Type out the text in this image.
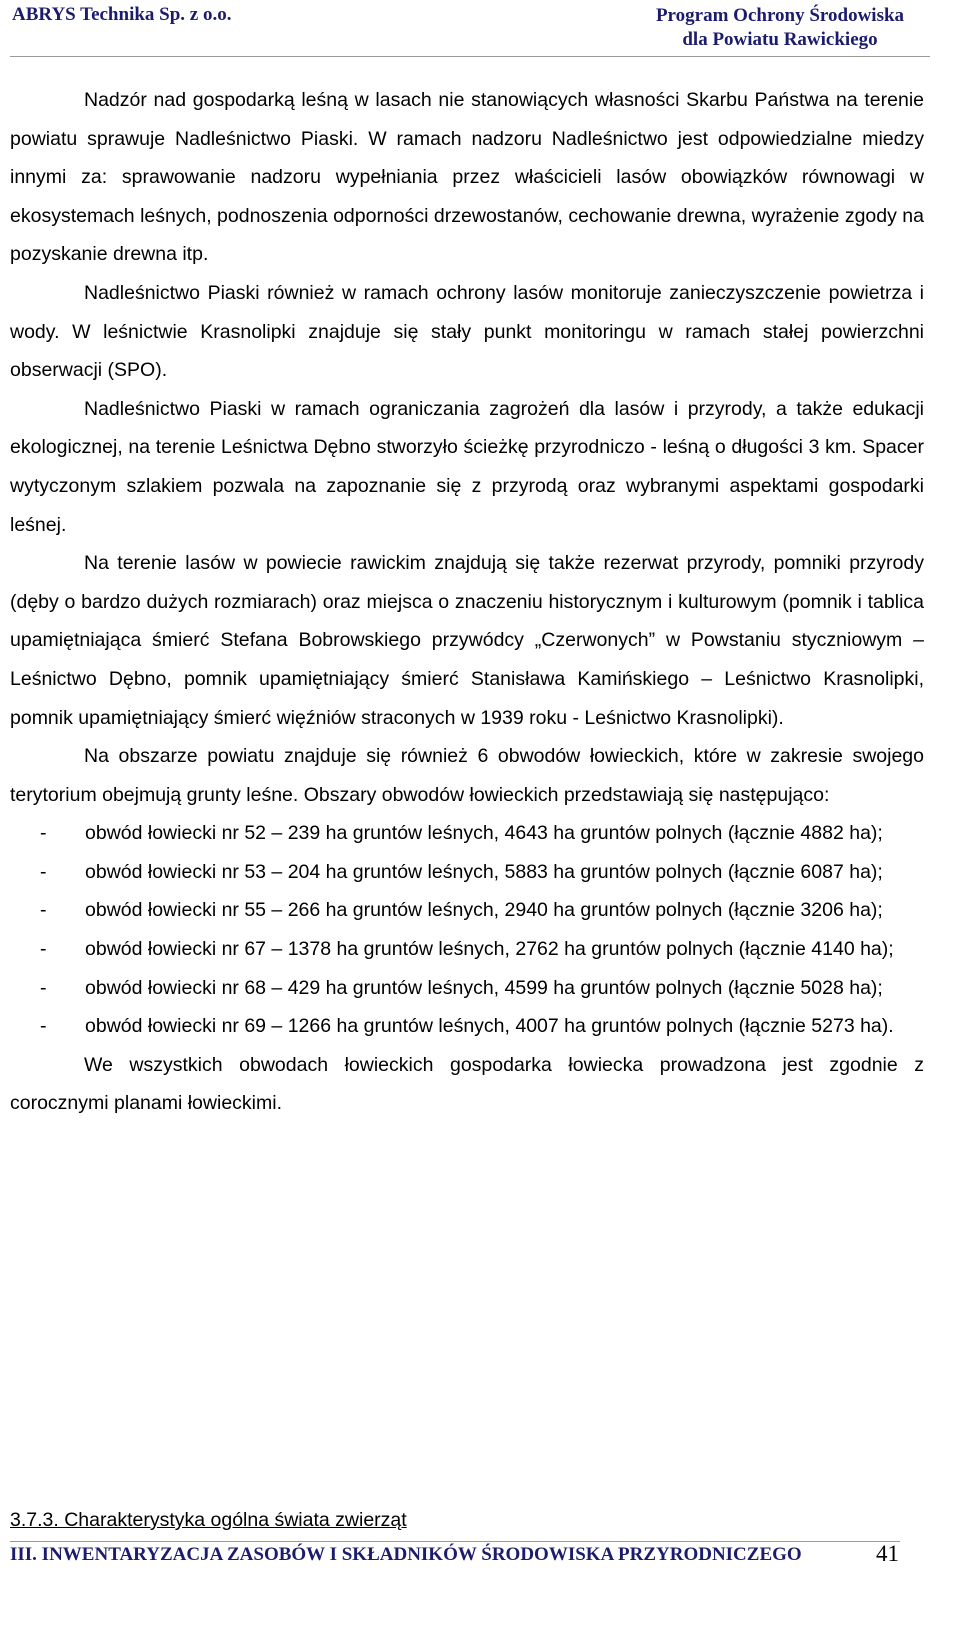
ABRYS Technika Sp. z o.o.	Program Ochrony Środowiska
dla Powiatu Rawickiego

Nadzór nad gospodarką leśną w lasach nie stanowiących własności Skarbu Państwa na terenie powiatu sprawuje Nadleśnictwo Piaski. W ramach nadzoru Nadleśnictwo jest odpowiedzialne miedzy innymi za: sprawowanie nadzoru wypełniania przez właścicieli lasów obowiązków równowagi w ekosystemach leśnych, podnoszenia odporności drzewostanów, cechowanie drewna, wyrażenie zgody na pozyskanie drewna itp.

Nadleśnictwo Piaski również w ramach ochrony lasów monitoruje zanieczyszczenie powietrza i wody. W leśnictwie Krasnolipki znajduje się stały punkt monitoringu w ramach stałej powierzchni obserwacji (SPO).

Nadleśnictwo Piaski w ramach ograniczania zagrożeń dla lasów i przyrody, a także edukacji ekologicznej, na terenie Leśnictwa Dębno stworzyło ścieżkę przyrodniczo - leśną o długości 3 km. Spacer wytyczonym szlakiem pozwala na zapoznanie się z przyrodą oraz wybranymi aspektami gospodarki leśnej.

Na terenie lasów w powiecie rawickim znajdują się także rezerwat przyrody, pomniki przyrody (dęby o bardzo dużych rozmiarach) oraz miejsca o znaczeniu historycznym i kulturowym (pomnik i tablica upamiętniająca śmierć Stefana Bobrowskiego przywódcy „Czerwonych” w Powstaniu styczniowym – Leśnictwo Dębno, pomnik upamiętniający śmierć Stanisława Kamińskiego – Leśnictwo Krasnolipki, pomnik upamiętniający śmierć więźniów straconych w 1939 roku - Leśnictwo Krasnolipki).

Na obszarze powiatu znajduje się również 6 obwodów łowieckich, które w zakresie swojego terytorium obejmują grunty leśne. Obszary obwodów łowieckich przedstawiają się następująco:

- obwód łowiecki nr 52 – 239 ha gruntów leśnych, 4643 ha gruntów polnych (łącznie 4882 ha);
- obwód łowiecki nr 53 – 204 ha gruntów leśnych, 5883 ha gruntów polnych (łącznie 6087 ha);
- obwód łowiecki nr 55 – 266 ha gruntów leśnych, 2940 ha gruntów polnych (łącznie 3206 ha);
- obwód łowiecki nr 67 – 1378 ha gruntów leśnych, 2762 ha gruntów polnych (łącznie 4140 ha);
- obwód łowiecki nr 68 – 429 ha gruntów leśnych, 4599 ha gruntów polnych (łącznie 5028 ha);
- obwód łowiecki nr 69 – 1266 ha gruntów leśnych, 4007 ha gruntów polnych (łącznie 5273 ha).

We wszystkich obwodach łowieckich gospodarka łowiecka prowadzona jest zgodnie z corocznymi planami łowieckimi.

3.7.3. Charakterystyka ogólna świata zwierząt
III. INWENTARYZACJA ZASOBÓW I SKŁADNIKÓW ŚRODOWISKA PRZYRODNICZEGO	41
